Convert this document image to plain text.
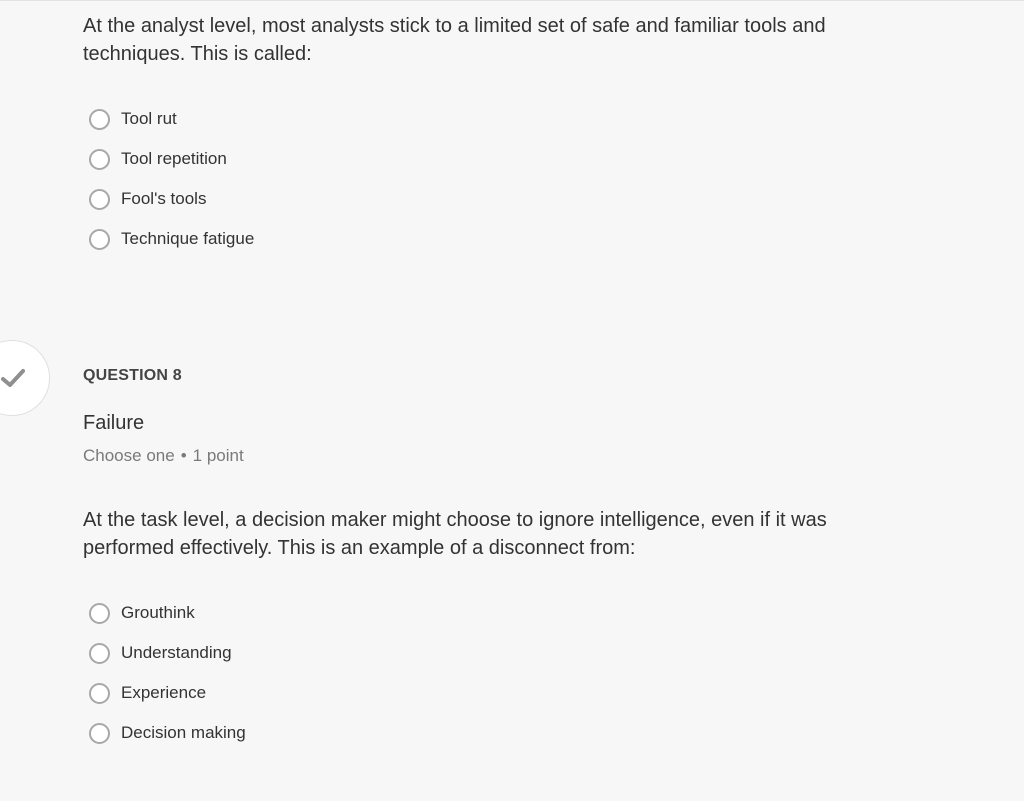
At the analyst level, most analysts stick to a limited set of safe and familiar tools and techniques. This is called:
Tool rut
Tool repetition
Fool's tools
Technique fatigue
QUESTION 8
Failure
Choose one • 1 point
At the task level, a decision maker might choose to ignore intelligence, even if it was performed effectively. This is an example of a disconnect from:
Grouthink
Understanding
Experience
Decision making
